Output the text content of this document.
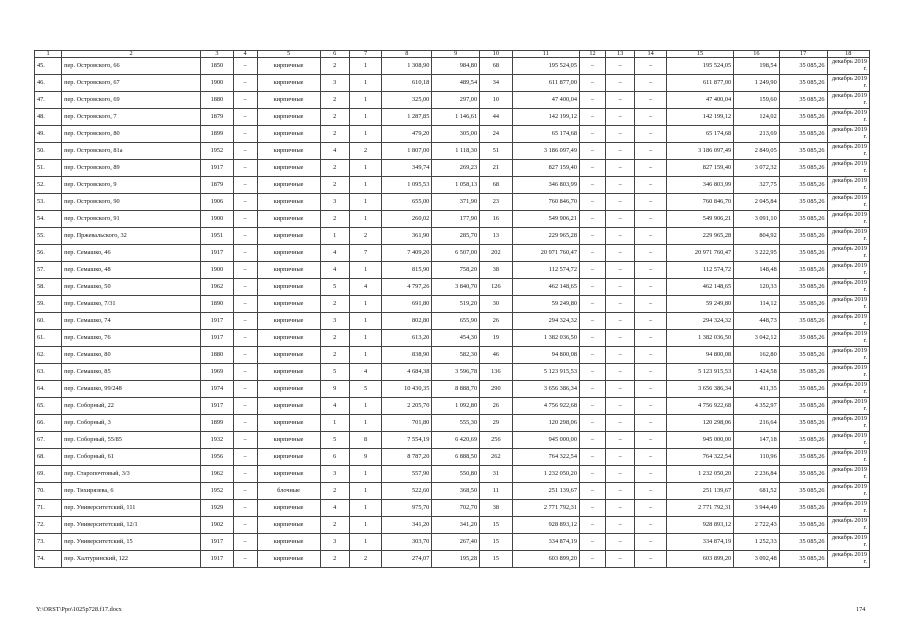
1	2	3	4	5	6	7	8	9	10	11	12	13	14	15	16	17	18
45.	пер. Островского, 66	1850	–	кирпичные	2	1	1 308,90	984,80	68	195 524,05	–	–	–	195 524,05	198,54	35 085,26	декабрь 2019 г.
46.	пер. Островского, 67	1900	–	кирпичные	3	1	610,18	489,54	34	611 877,00	–	–	–	611 877,00	1 249,90	35 085,26	декабрь 2019 г.
47.	пер. Островского, 69	1880	–	кирпичные	2	1	325,00	297,00	10	47 400,04	–	–	–	47 400,04	159,60	35 085,26	декабрь 2019 г.
48.	пер. Островского, 7	1879	–	кирпичные	2	1	1 287,85	1 146,61	44	142 199,12	–	–	–	142 199,12	124,02	35 085,26	декабрь 2019 г.
49.	пер. Островского, 80	1899	–	кирпичные	2	1	479,20	305,00	24	65 174,68	–	–	–	65 174,68	213,69	35 085,26	декабрь 2019 г.
50.	пер. Островского, 81а	1952	–	кирпичные	4	2	1 807,00	1 118,30	51	3 186 097,49	–	–	–	3 186 097,49	2 849,05	35 085,26	декабрь 2019 г.
51.	пер. Островского, 89	1917	–	кирпичные	2	1	349,74	269,23	21	827 159,40	–	–	–	827 159,40	3 072,32	35 085,26	декабрь 2019 г.
52.	пер. Островского, 9	1879	–	кирпичные	2	1	1 095,53	1 058,13	68	346 803,99	–	–	–	346 803,99	327,75	35 085,26	декабрь 2019 г.
53.	пер. Островского, 90	1906	–	кирпичные	3	1	655,00	371,90	23	760 846,70	–	–	–	760 846,70	2 045,84	35 085,26	декабрь 2019 г.
54.	пер. Островского, 91	1900	–	кирпичные	2	1	260,02	177,90	16	549 906,21	–	–	–	549 906,21	3 091,10	35 085,26	декабрь 2019 г.
55.	пер. Пржевальского, 32	1951	–	кирпичные	1	2	361,90	285,70	13	229 965,28	–	–	–	229 965,28	804,92	35 085,26	декабрь 2019 г.
56.	пер. Семашко, 46	1917	–	кирпичные	4	7	7 409,20	6 507,00	202	20 971 760,47	–	–	–	20 971 760,47	3 222,95	35 085,26	декабрь 2019 г.
57.	пер. Семашко, 48	1900	–	кирпичные	4	1	815,90	758,20	38	112 574,72	–	–	–	112 574,72	148,48	35 085,26	декабрь 2019 г.
58.	пер. Семашко, 50	1962	–	кирпичные	5	4	4 797,26	3 840,70	126	462 148,65	–	–	–	462 148,65	120,33	35 085,26	декабрь 2019 г.
59.	пер. Семашко, 7/31	1890	–	кирпичные	2	1	691,80	519,20	30	59 249,80	–	–	–	59 249,80	114,12	35 085,26	декабрь 2019 г.
60.	пер. Семашко, 74	1917	–	кирпичные	3	1	802,80	655,90	26	294 324,32	–	–	–	294 324,32	448,73	35 085,26	декабрь 2019 г.
61.	пер. Семашко, 76	1917	–	кирпичные	2	1	613,20	454,30	19	1 382 036,50	–	–	–	1 382 036,50	3 042,12	35 085,26	декабрь 2019 г.
62.	пер. Семашко, 80	1880	–	кирпичные	2	1	838,90	582,30	46	94 800,08	–	–	–	94 800,08	162,80	35 085,26	декабрь 2019 г.
63.	пер. Семашко, 85	1969	–	кирпичные	5	4	4 684,38	3 596,78	136	5 123 915,53	–	–	–	5 123 915,53	1 424,58	35 085,26	декабрь 2019 г.
64.	пер. Семашко, 99/248	1974	–	кирпичные	9	5	10 430,35	8 888,70	290	3 656 386,34	–	–	–	3 656 386,34	411,35	35 085,26	декабрь 2019 г.
65.	пер. Соборный, 22	1917	–	кирпичные	4	1	2 205,70	1 092,80	26	4 756 922,68	–	–	–	4 756 922,68	4 352,97	35 085,26	декабрь 2019 г.
66.	пер. Соборный, 3	1899	–	кирпичные	1	1	701,80	555,30	29	120 298,06	–	–	–	120 298,06	216,64	35 085,26	декабрь 2019 г.
67.	пер. Соборный, 55/85	1932	–	кирпичные	5	8	7 554,19	6 420,69	256	945 000,00	–	–	–	945 000,00	147,18	35 085,26	декабрь 2019 г.
68.	пер. Соборный, 61	1956	–	кирпичные	6	9	8 787,20	6 888,50	262	764 322,54	–	–	–	764 322,54	110,96	35 085,26	декабрь 2019 г.
69.	пер. Старопочтовый, 3/3	1962	–	кирпичные	3	1	557,90	550,80	31	1 232 050,20	–	–	–	1 232 050,20	2 236,84	35 085,26	декабрь 2019 г.
70.	пер. Тихирязева, 6	1952	–	блочные	2	1	522,60	368,50	11	251 139,67	–	–	–	251 139,67	681,52	35 085,26	декабрь 2019 г.
71.	пер. Университетский, 111	1929	–	кирпичные	4	1	975,70	702,70	38	2 771 792,31	–	–	–	2 771 792,31	3 944,49	35 085,26	декабрь 2019 г.
72.	пер. Университетский, 12/1	1902	–	кирпичные	2	1	341,20	341,20	15	928 893,12	–	–	–	928 893,12	2 722,43	35 085,26	декабрь 2019 г.
73.	пер. Университетский, 15	1917	–	кирпичные	3	1	303,70	267,40	15	334 874,19	–	–	–	334 874,19	1 252,33	35 085,26	декабрь 2019 г.
74.	пер. Халтуринский, 122	1917	–	кирпичные	2	2	274,07	195,28	15	603 899,20	–	–	–	603 899,20	3 092,48	35 085,26	декабрь 2019 г.
Y:\ORST\Ppo\1025p728.f17.docx	174
